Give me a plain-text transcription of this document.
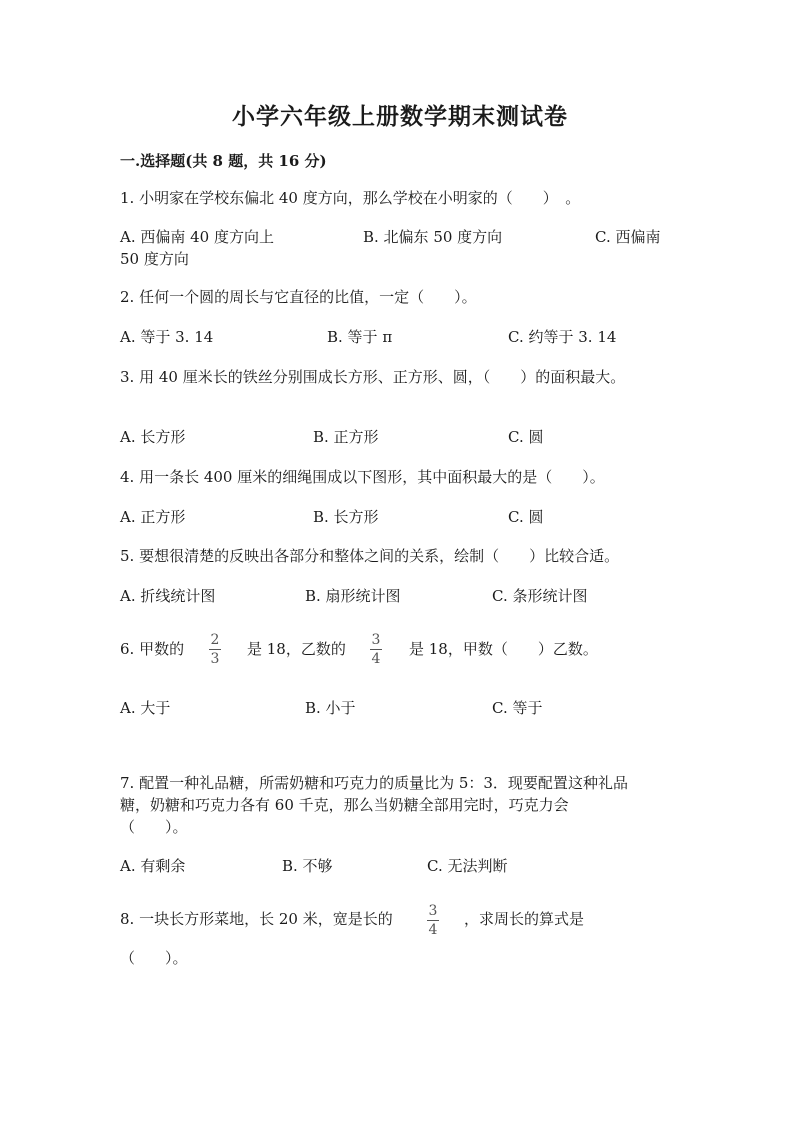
小学六年级上册数学期末测试卷
一.选择题(共 8 题，共 16 分)
1. 小明家在学校东偏北 40 度方向，那么学校在小明家的（　　）　。
A. 西偏南 40 度方向上	B. 北偏东 50 度方向	C. 西偏南
50 度方向
2. 任何一个圆的周长与它直径的比值，一定（　　）。
A. 等于 3. 14	B. 等于 π	C. 约等于 3. 14
3. 用 40 厘米长的铁丝分别围成长方形、正方形、圆，（　　）的面积最大。
A. 长方形	B. 正方形	C. 圆
4. 用一条长 400 厘米的细绳围成以下图形，其中面积最大的是（　　）。
A. 正方形	B. 长方形	C. 圆
5. 要想很清楚的反映出各部分和整体之间的关系，绘制（　　）比较合适。
A. 折线统计图	B. 扇形统计图	C. 条形统计图
6. 甲数的 2
3
是 18，乙数的 3
4
是 18，甲数（　　）乙数。
A. 大于	B. 小于	C. 等于
7. 配置一种礼品糖，所需奶糖和巧克力的质量比为 5：3．现要配置这种礼品
糖，奶糖和巧克力各有 60 千克，那么当奶糖全部用完时，巧克力会
（　　）。
A. 有剩余	B. 不够	C. 无法判断
8. 一块长方形菜地，长 20 米，宽是长的	3
4
，求周长的算式是
（　　）。
